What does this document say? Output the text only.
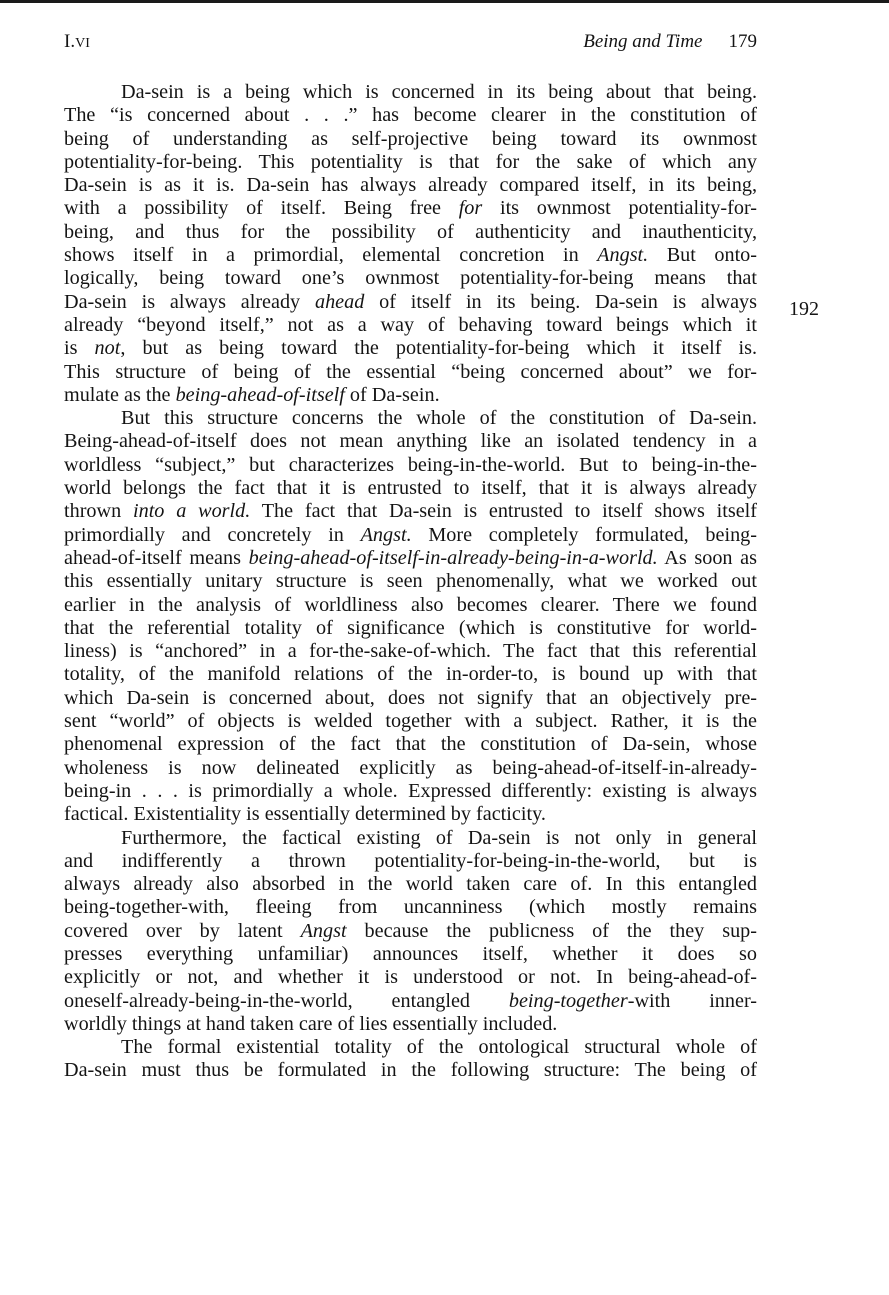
I.VI	Being and Time 179
192
Da-sein is a being which is concerned in its being about that being.
The “is concerned about . . .” has become clearer in the constitution of
being of understanding as self-projective being toward its ownmost
potentiality-for-being. This potentiality is that for the sake of which any
Da-sein is as it is. Da-sein has always already compared itself, in its being,
with a possibility of itself. Being free for its ownmost potentiality-for-
being, and thus for the possibility of authenticity and inauthenticity,
shows itself in a primordial, elemental concretion in Angst. But onto-
logically, being toward one’s ownmost potentiality-for-being means that
Da-sein is always already ahead of itself in its being. Da-sein is always
already “beyond itself,” not as a way of behaving toward beings which it
is not, but as being toward the potentiality-for-being which it itself is.
This structure of being of the essential “being concerned about” we for-
mulate as the being-ahead-of-itself of Da-sein.
But this structure concerns the whole of the constitution of Da-sein.
Being-ahead-of-itself does not mean anything like an isolated tendency in a
worldless “subject,” but characterizes being-in-the-world. But to being-in-the-
world belongs the fact that it is entrusted to itself, that it is always already
thrown into a world. The fact that Da-sein is entrusted to itself shows itself
primordially and concretely in Angst. More completely formulated, being-
ahead-of-itself means being-ahead-of-itself-in-already-being-in-a-world. As soon as
this essentially unitary structure is seen phenomenally, what we worked out
earlier in the analysis of worldliness also becomes clearer. There we found
that the referential totality of significance (which is constitutive for world-
liness) is “anchored” in a for-the-sake-of-which. The fact that this referential
totality, of the manifold relations of the in-order-to, is bound up with that
which Da-sein is concerned about, does not signify that an objectively pre-
sent “world” of objects is welded together with a subject. Rather, it is the
phenomenal expression of the fact that the constitution of Da-sein, whose
wholeness is now delineated explicitly as being-ahead-of-itself-in-already-
being-in . . . is primordially a whole. Expressed differently: existing is always
factical. Existentiality is essentially determined by facticity.
Furthermore, the factical existing of Da-sein is not only in general
and indifferently a thrown potentiality-for-being-in-the-world, but is
always already also absorbed in the world taken care of. In this entangled
being-together-with, fleeing from uncanniness (which mostly remains
covered over by latent Angst because the publicness of the they sup-
presses everything unfamiliar) announces itself, whether it does so
explicitly or not, and whether it is understood or not. In being-ahead-of-
oneself-already-being-in-the-world, entangled being-together-with inner-
worldly things at hand taken care of lies essentially included.
The formal existential totality of the ontological structural whole of
Da-sein must thus be formulated in the following structure: The being of
